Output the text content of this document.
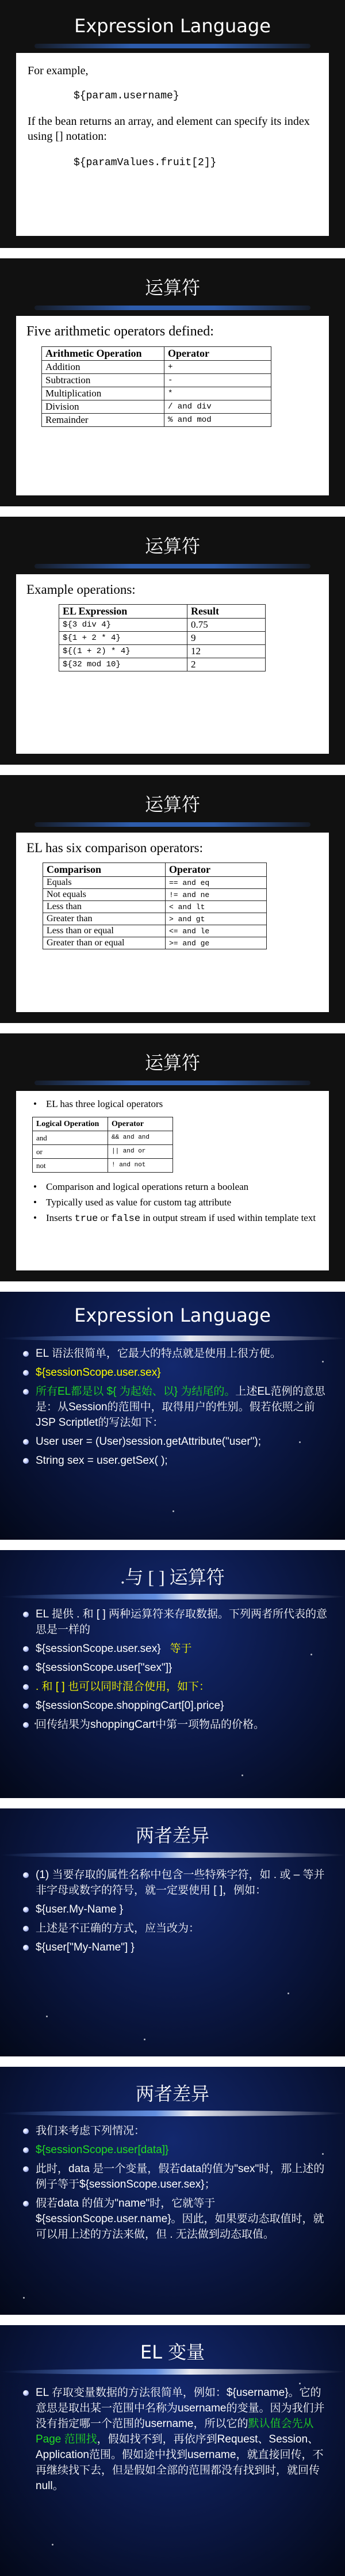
Expression Language
For example,
${param.username}
If the bean returns an array, and element can specify its index using [] notation:
${paramValues.fruit[2]}
运算符
Five arithmetic operators defined:
Arithmetic Operation	Operator
Addition	+
Subtraction	-
Multiplication	*
Division	/ and div
Remainder	% and mod
运算符
Example operations:
EL Expression	Result
${3 div 4}	0.75
${1 + 2 * 4}	9
${(1 + 2) * 4}	12
${32 mod 10}	2
运算符
EL has six comparison operators:
Comparison	Operator
Equals	== and eq
Not equals	!= and ne
Less than	< and lt
Greater than	> and gt
Less than or equal	<= and le
Greater than or equal	>= and ge
运算符
• EL has three logical operators
Logical Operation	Operator
and	&& and and
or	|| and or
not	! and not
• Comparison and logical operations return a boolean
• Typically used as value for custom tag attribute
• Inserts true or false in output stream if used within template text
Expression Language
EL 语法很简单，它最大的特点就是使用上很方便。
${sessionScope.user.sex}
所有EL都是以 ${ 为起始、以} 为结尾的。上述EL范例的意思是：从Session的范围中，取得用户的性别。假若依照之前JSP Scriptlet的写法如下：
User user = (User)session.getAttribute("user");
String sex = user.getSex( );
.与 [ ] 运算符
EL 提供 . 和 [ ] 两种运算符来存取数据。下列两者所代表的意思是一样的
${sessionScope.user.sex} 等于
${sessionScope.user["sex"]}
. 和 [ ] 也可以同时混合使用，如下：
${sessionScope.shoppingCart[0].price}
回传结果为shoppingCart中第一项物品的价格。
两者差异
(1) 当要存取的属性名称中包含一些特殊字符，如 . 或 – 等并非字母或数字的符号，就一定要使用 [ ]，例如：
${user.My-Name }
上述是不正确的方式，应当改为：
${user["My-Name"] }
两者差异
我们来考虑下列情况：
${sessionScope.user[data]}
此时，data 是一个变量，假若data的值为"sex"时，那上述的例子等于${sessionScope.user.sex}；
假若data 的值为"name"时，它就等于${sessionScope.user.name}。因此，如果要动态取值时，就可以用上述的方法来做，但 . 无法做到动态取值。
EL 变量
EL 存取变量数据的方法很简单，例如：${username}。它的意思是取出某一范围中名称为username的变量。因为我们并没有指定哪一个范围的username，所以它的默认值会先从Page 范围找，假如找不到，再依序到Request、Session、Application范围。假如途中找到username，就直接回传，不再继续找下去，但是假如全部的范围都没有找到时，就回传null。
